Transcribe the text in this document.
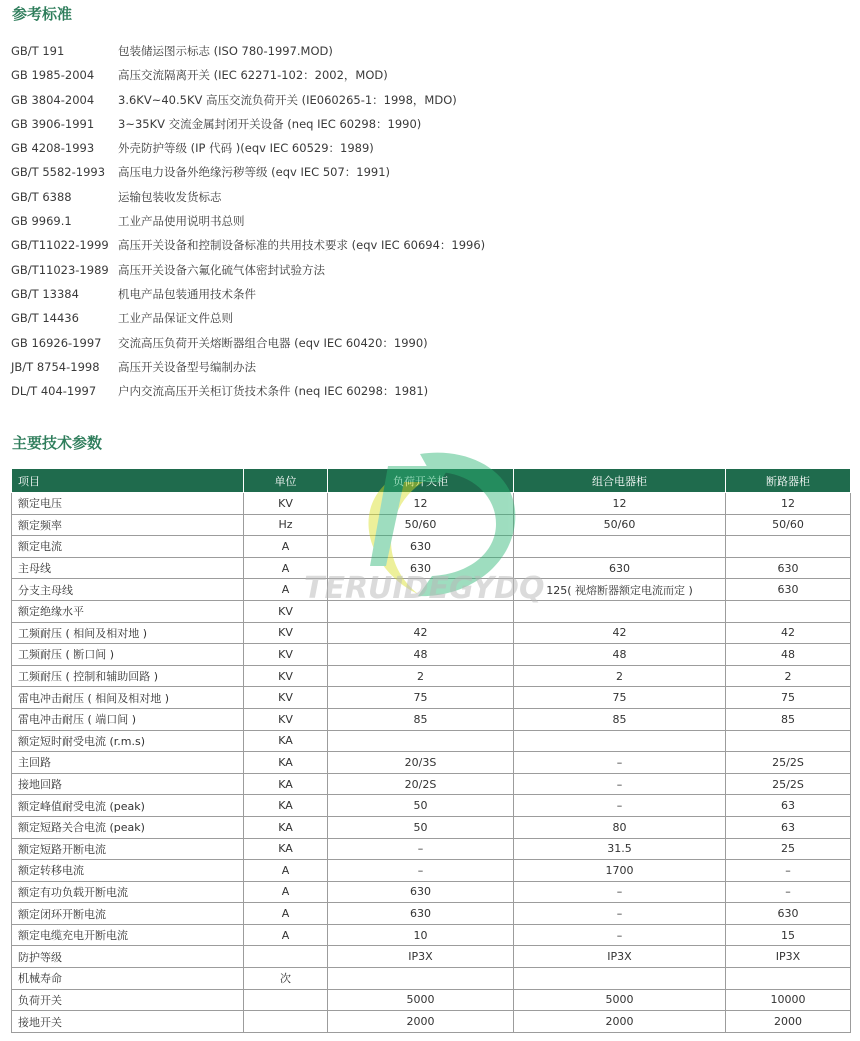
参考标准
GB/T 191	包装储运图示标志 (ISO 780-1997.MOD)
GB 1985-2004 高压交流隔离开关 (IEC 62271-102：2002，MOD)
GB 3804-2004 3.6KV~40.5KV 高压交流负荷开关 (IE060265-1：1998，MDO)
GB 3906-1991 3~35KV 交流金属封闭开关设备 (neq IEC 60298：1990)
GB 4208-1993 外壳防护等级 (IP 代码 )(eqv IEC 60529：1989)
GB/T 5582-1993 高压电力设备外绝缘污秽等级 (eqv IEC 507：1991)
GB/T 6388	运输包装收发货标志
GB 9969.1	工业产品使用说明书总则
GB/T11022-1999 高压开关设备和控制设备标准的共用技术要求 (eqv IEC 60694：1996)
GB/T11023-1989 高压开关设备六氟化硫气体密封试验方法
GB/T 13384	机电产品包装通用技术条件
GB/T 14436	工业产品保证文件总则
GB 16926-1997 交流高压负荷开关熔断器组合电器 (eqv IEC 60420：1990)
JB/T 8754-1998 高压开关设备型号编制办法
DL/T 404-1997 户内交流高压开关柜订货技术条件 (neq IEC 60298：1981)
主要技术参数
项目	单位	负荷开关柜	组合电器柜	断路器柜
额定电压	KV	12	12	12
额定频率	Hz	50/60	50/60	50/60
额定电流	A	630		
主母线	A	630	630	630
分支主母线	A		125( 视熔断器额定电流而定 )	630
额定绝缘水平	KV			
工频耐压 ( 相间及相对地 )	KV	42	42	42
工频耐压 ( 断口间 )	KV	48	48	48
工频耐压 ( 控制和辅助回路 )	KV	2	2	2
雷电冲击耐压 ( 相间及相对地 )	KV	75	75	75
雷电冲击耐压 ( 端口间 )	KV	85	85	85
额定短时耐受电流 (r.m.s)	KA			
主回路	KA	20/3S	–	25/2S
接地回路	KA	20/2S	–	25/2S
额定峰值耐受电流 (peak)	KA	50	–	63
额定短路关合电流 (peak)	KA	50	80	63
额定短路开断电流	KA	–	31.5	25
额定转移电流	A	–	1700	–
额定有功负载开断电流	A	630	–	–
额定闭环开断电流	A	630	–	630
额定电缆充电开断电流	A	10	–	15
防护等级		IP3X	IP3X	IP3X
机械寿命	次			
负荷开关		5000	5000	10000
接地开关		2000	2000	2000
TERUIDEGYDQ
